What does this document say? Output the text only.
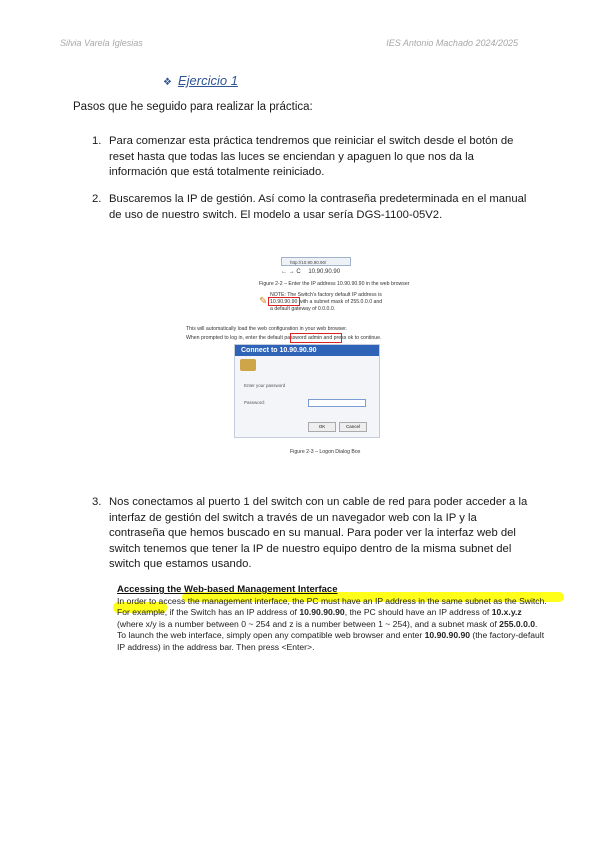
Silvia Varela Iglesias	IES Antonio Machado 2024/2025
❖ Ejercicio 1
Pasos que he seguido para realizar la práctica:
1. Para comenzar esta práctica tendremos que reiniciar el switch desde el botón de reset hasta que todas las luces se enciendan y apaguen lo que nos da la información que está totalmente reiniciado.
2. Buscaremos la IP de gestión. Así como la contraseña predeterminada en el manual de uso de nuestro switch. El modelo a usar sería DGS-1100-05V2.
http://10.90.90.90/
← → C 10.90.90.90
Figure 2-2 – Enter the IP address 10.90.90.90 in the web browser
✎
NOTE: The Switch's factory default IP address is
10.90.90.90 with a subnet mask of 255.0.0.0 and
a default gateway of 0.0.0.0.
This will automatically load the web configuration in your web browser.
When prompted to log in, enter the default password admin and press ok to continue.
Connect to 10.90.90.90
Enter your password
Password:
OK	Cancel
Figure 2-3 – Logon Dialog Box
3. Nos conectamos al puerto 1 del switch con un cable de red para poder acceder a la interfaz de gestión del switch a través de un navegador web con la IP y la contraseña que hemos buscado en su manual. Para poder ver la interfaz web del switch tenemos que tener la IP de nuestro equipo dentro de la misma subnet del switch que estamos usando.
Accessing the Web-based Management Interface
In order to access the management interface, the PC must have an IP address in the same subnet as the Switch. For example, if the Switch has an IP address of 10.90.90.90, the PC should have an IP address of 10.x.y.z (where x/y is a number between 0 ~ 254 and z is a number between 1 ~ 254), and a subnet mask of 255.0.0.0. To launch the web interface, simply open any compatible web browser and enter 10.90.90.90 (the factory-default IP address) in the address bar. Then press <Enter>.
